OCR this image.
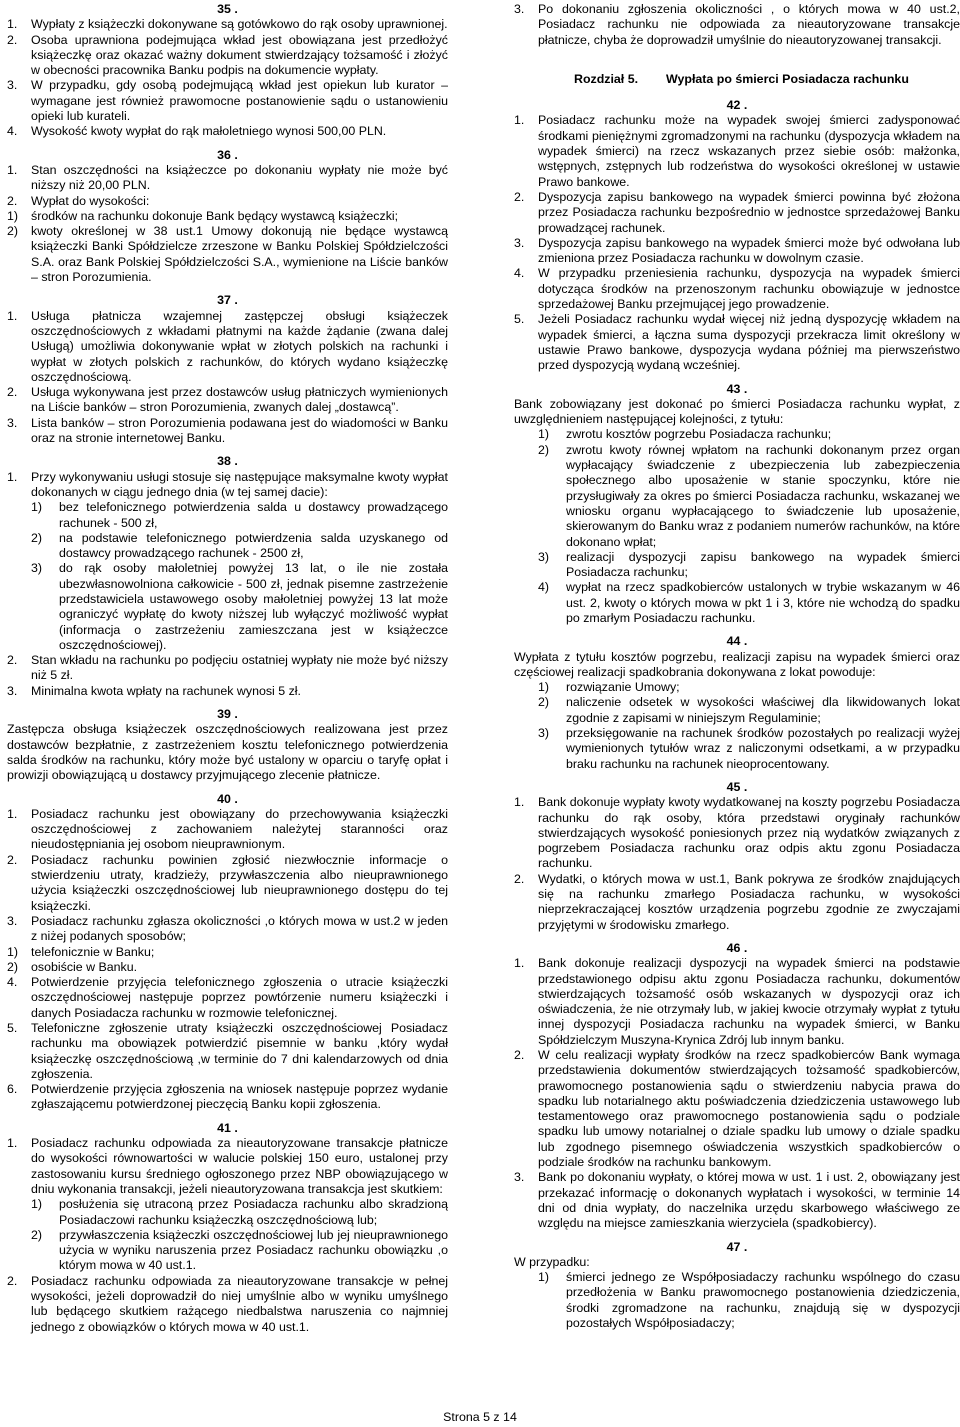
35 .

1.	Wypłaty z książeczki dokonywane są gotówkowo do rąk osoby uprawnionej.
2.	Osoba uprawniona podejmująca wkład jest obowiązana jest przedłożyć książeczkę oraz okazać ważny dokument stwierdzający tożsamość i złożyć w obecności pracownika Banku podpis na dokumencie wypłaty.
3.	W przypadku, gdy osobą podejmującą wkład jest opiekun lub kurator – wymagane jest również prawomocne postanowienie sądu o ustanowieniu opieki lub kurateli.
4.	Wysokość kwoty wypłat do rąk małoletniego wynosi 500,00 PLN.

36 .

1.	Stan oszczędności na książeczce po dokonaniu wypłaty nie może być niższy niż 20,00 PLN.
2.	Wypłat do wysokości:
1)	środków na rachunku dokonuje Bank będący wystawcą książeczki;
2)	kwoty określonej w 38 ust.1 Umowy dokonują nie będące wystawcą książeczki Banki Spółdzielcze zrzeszone w Banku Polskiej Spółdzielczości S.A. oraz Bank Polskiej Spółdzielczości S.A., wymienione na Liście banków – stron Porozumienia.

37 .

1.	Usługa płatnicza wzajemnej zastępczej obsługi książeczek oszczędnościowych z wkładami płatnymi na każde żądanie (zwana dalej Usługą) umożliwia dokonywanie wpłat w złotych polskich na rachunki i wypłat w złotych polskich z rachunków, do których wydano książeczkę oszczędnościową.
2.	Usługa wykonywana jest przez dostawców usług płatniczych wymienionych na Liście banków – stron Porozumienia, zwanych dalej „dostawcą”.
3.	Lista banków – stron Porozumienia podawana jest do wiadomości w Banku oraz na stronie internetowej Banku.

38 .

1.	Przy wykonywaniu usługi stosuje się następujące maksymalne kwoty wypłat dokonanych w ciągu jednego dnia (w tej samej dacie):
1)	bez telefonicznego potwierdzenia salda u dostawcy prowadzącego rachunek - 500 zł,
2)	na podstawie telefonicznego potwierdzenia salda uzyskanego od dostawcy prowadzącego rachunek - 2500 zł,
3)	do rąk osoby małoletniej powyżej 13 lat, o ile nie została ubezwłasnowolniona całkowicie - 500 zł, jednak pisemne zastrzeżenie przedstawiciela ustawowego osoby małoletniej powyżej 13 lat może ograniczyć wypłatę do kwoty niższej lub wyłączyć możliwość wypłat (informacja o zastrzeżeniu zamieszczana jest w książeczce oszczędnościowej).
2.	Stan wkładu na rachunku po podjęciu ostatniej wypłaty nie może być niższy niż 5 zł.
3.	Minimalna kwota wpłaty na rachunek wynosi 5 zł.

39 .

Zastępcza obsługa książeczek oszczędnościowych realizowana jest przez dostawców bezpłatnie, z zastrzeżeniem kosztu telefonicznego potwierdzenia salda środków na rachunku, który może być ustalony w oparciu o taryfę opłat i prowizji obowiązującą u dostawcy przyjmującego zlecenie płatnicze.

40 .

1.	Posiadacz rachunku jest obowiązany do przechowywania książeczki oszczędnościowej z zachowaniem należytej staranności oraz nieudostępniania jej osobom nieuprawnionym.
2.	Posiadacz rachunku powinien zgłosić niezwłocznie informacje o stwierdzeniu utraty, kradzieży, przywłaszczenia albo nieuprawnionego użycia książeczki oszczędnościowej lub nieuprawnionego dostępu do tej książeczki.
3.	Posiadacz rachunku zgłasza okoliczności ,o których mowa w ust.2 w jeden z niżej podanych sposobów;
1)	telefonicznie w Banku;
2)	osobiście w Banku.
4.	Potwierdzenie przyjęcia telefonicznego zgłoszenia o utracie książeczki oszczędnościowej następuje poprzez powtórzenie numeru książeczki i danych Posiadacza rachunku w rozmowie telefonicznej.
5.	Telefoniczne zgłoszenie utraty książeczki oszczędnościowej Posiadacz rachunku ma obowiązek potwierdzić pisemnie w banku ,który wydał książeczkę oszczędnościową ,w terminie do 7 dni kalendarzowych od dnia zgłoszenia.
6.	Potwierdzenie przyjęcia zgłoszenia na wniosek następuje poprzez wydanie zgłaszającemu potwierdzonej pieczęcią Banku kopii zgłoszenia.

41 .

1.	Posiadacz rachunku odpowiada za nieautoryzowane transakcje płatnicze do wysokości równowartości w walucie polskiej 150 euro, ustalonej przy zastosowaniu kursu średniego ogłoszonego przez NBP obowiązującego w dniu wykonania transakcji, jeżeli nieautoryzowana transakcja jest skutkiem:
1)	posłużenia się utraconą przez Posiadacza rachunku albo skradzioną Posiadaczowi rachunku książeczką oszczędnościową lub;
2)	przywłaszczenia książeczki oszczędnościowej lub jej nieuprawnionego użycia w wyniku naruszenia przez Posiadacz rachunku obowiązku ,o którym mowa w 40 ust.1.
2.	Posiadacz rachunku odpowiada za nieautoryzowane transakcje w pełnej wysokości, jeżeli doprowadził do niej umyślnie albo w wyniku umyślnego lub będącego skutkiem rażącego niedbalstwa naruszenia co najmniej jednego z obowiązków o których mowa w 40 ust.1.
3.	Po dokonaniu zgłoszenia okoliczności , o których mowa w 40 ust.2, Posiadacz rachunku nie odpowiada za nieautoryzowane transakcje płatnicze, chyba że doprowadził umyślnie do nieautoryzowanej transakcji.
Rozdział 5. Wypłata po śmierci Posiadacza rachunku

42 .

1.	Posiadacz rachunku może na wypadek swojej śmierci zadysponować środkami pieniężnymi zgromadzonymi na rachunku (dyspozycja wkładem na wypadek śmierci) na rzecz wskazanych przez siebie osób: małżonka, wstępnych, zstępnych lub rodzeństwa do wysokości określonej w ustawie Prawo bankowe.
2.	Dyspozycja zapisu bankowego na wypadek śmierci powinna być złożona przez Posiadacza rachunku bezpośrednio w jednostce sprzedażowej Banku prowadzącej rachunek.
3.	Dyspozycja zapisu bankowego na wypadek śmierci może być odwołana lub zmieniona przez Posiadacza rachunku w dowolnym czasie.
4.	W przypadku przeniesienia rachunku, dyspozycja na wypadek śmierci dotycząca środków na przenoszonym rachunku obowiązuje w jednostce sprzedażowej Banku przejmującej jego prowadzenie.
5.	Jeżeli Posiadacz rachunku wydał więcej niż jedną dyspozycję wkładem na wypadek śmierci, a łączna suma dyspozycji przekracza limit określony w ustawie Prawo bankowe, dyspozycja wydana później ma pierwszeństwo przed dyspozycją wydaną wcześniej.

43 .

Bank zobowiązany jest dokonać po śmierci Posiadacza rachunku wypłat, z uwzględnieniem następującej kolejności, z tytułu:

1)	zwrotu kosztów pogrzebu Posiadacza rachunku;
2)	zwrotu kwoty równej wpłatom na rachunki dokonanym przez organ wypłacający świadczenie z ubezpieczenia lub zabezpieczenia społecznego albo uposażenie w stanie spoczynku, które nie przysługiwały za okres po śmierci Posiadacza rachunku, wskazanej we wniosku organu wypłacającego to świadczenie lub uposażenie, skierowanym do Banku wraz z podaniem numerów rachunków, na które dokonano wpłat;
3)	realizacji dyspozycji zapisu bankowego na wypadek śmierci Posiadacza rachunku;
4)	wypłat na rzecz spadkobierców ustalonych w trybie wskazanym w 46 ust. 2, kwoty o których mowa w pkt 1 i 3, które nie wchodzą do spadku po zmarłym Posiadaczu rachunku.

44 .

Wypłata z tytułu kosztów pogrzebu, realizacji zapisu na wypadek śmierci oraz częściowej realizacji spadkobrania dokonywana z lokat powoduje:

1)	rozwiązanie Umowy;
2)	naliczenie odsetek w wysokości właściwej dla likwidowanych lokat zgodnie z zapisami w niniejszym Regulaminie;
3)	przeksięgowanie na rachunek środków pozostałych po realizacji wyżej wymienionych tytułów wraz z naliczonymi odsetkami, a w przypadku braku rachunku na rachunek nieoprocentowany.

45 .

1.	Bank dokonuje wypłaty kwoty wydatkowanej na koszty pogrzebu Posiadacza rachunku do rąk osoby, która przedstawi oryginały rachunków stwierdzających wysokość poniesionych przez nią wydatków związanych z pogrzebem Posiadacza rachunku oraz odpis aktu zgonu Posiadacza rachunku.
2.	Wydatki, o których mowa w ust.1, Bank pokrywa ze środków znajdujących się na rachunku zmarłego Posiadacza rachunku, w wysokości nieprzekraczającej kosztów urządzenia pogrzebu zgodnie ze zwyczajami przyjętymi w środowisku zmarłego.

46 .

1.	Bank dokonuje realizacji dyspozycji na wypadek śmierci na podstawie przedstawionego odpisu aktu zgonu Posiadacza rachunku, dokumentów stwierdzających tożsamość osób wskazanych w dyspozycji oraz ich oświadczenia, że nie otrzymały lub, w jakiej kwocie otrzymały wypłat z tytułu innej dyspozycji Posiadacza rachunku na wypadek śmierci, w Banku Spółdzielczym Muszyna-Krynica Zdrój lub innym banku.
2.	W celu realizacji wypłaty środków na rzecz spadkobierców Bank wymaga przedstawienia dokumentów stwierdzających tożsamość spadkobierców, prawomocnego postanowienia sądu o stwierdzeniu nabycia prawa do spadku lub notarialnego aktu poświadczenia dziedziczenia ustawowego lub testamentowego oraz prawomocnego postanowienia sądu o podziale spadku lub umowy notarialnej o dziale spadku lub umowy o dziale spadku lub zgodnego pisemnego oświadczenia wszystkich spadkobierców o podziale środków na rachunku bankowym.
3.	Bank po dokonaniu wypłaty, o której mowa w ust. 1 i ust. 2, obowiązany jest przekazać informację o dokonanych wypłatach i wysokości, w terminie 14 dni od dnia wypłaty, do naczelnika urzędu skarbowego właściwego ze względu na miejsce zamieszkania wierzyciela (spadkobiercy).

47 .

W przypadku:

1)	śmierci jednego ze Współposiadaczy rachunku wspólnego do czasu przedłożenia w Banku prawomocnego postanowienia dziedziczenia, środki zgromadzone na rachunku, znajdują się w dyspozycji pozostałych Współposiadaczy;
Strona 5 z 14
